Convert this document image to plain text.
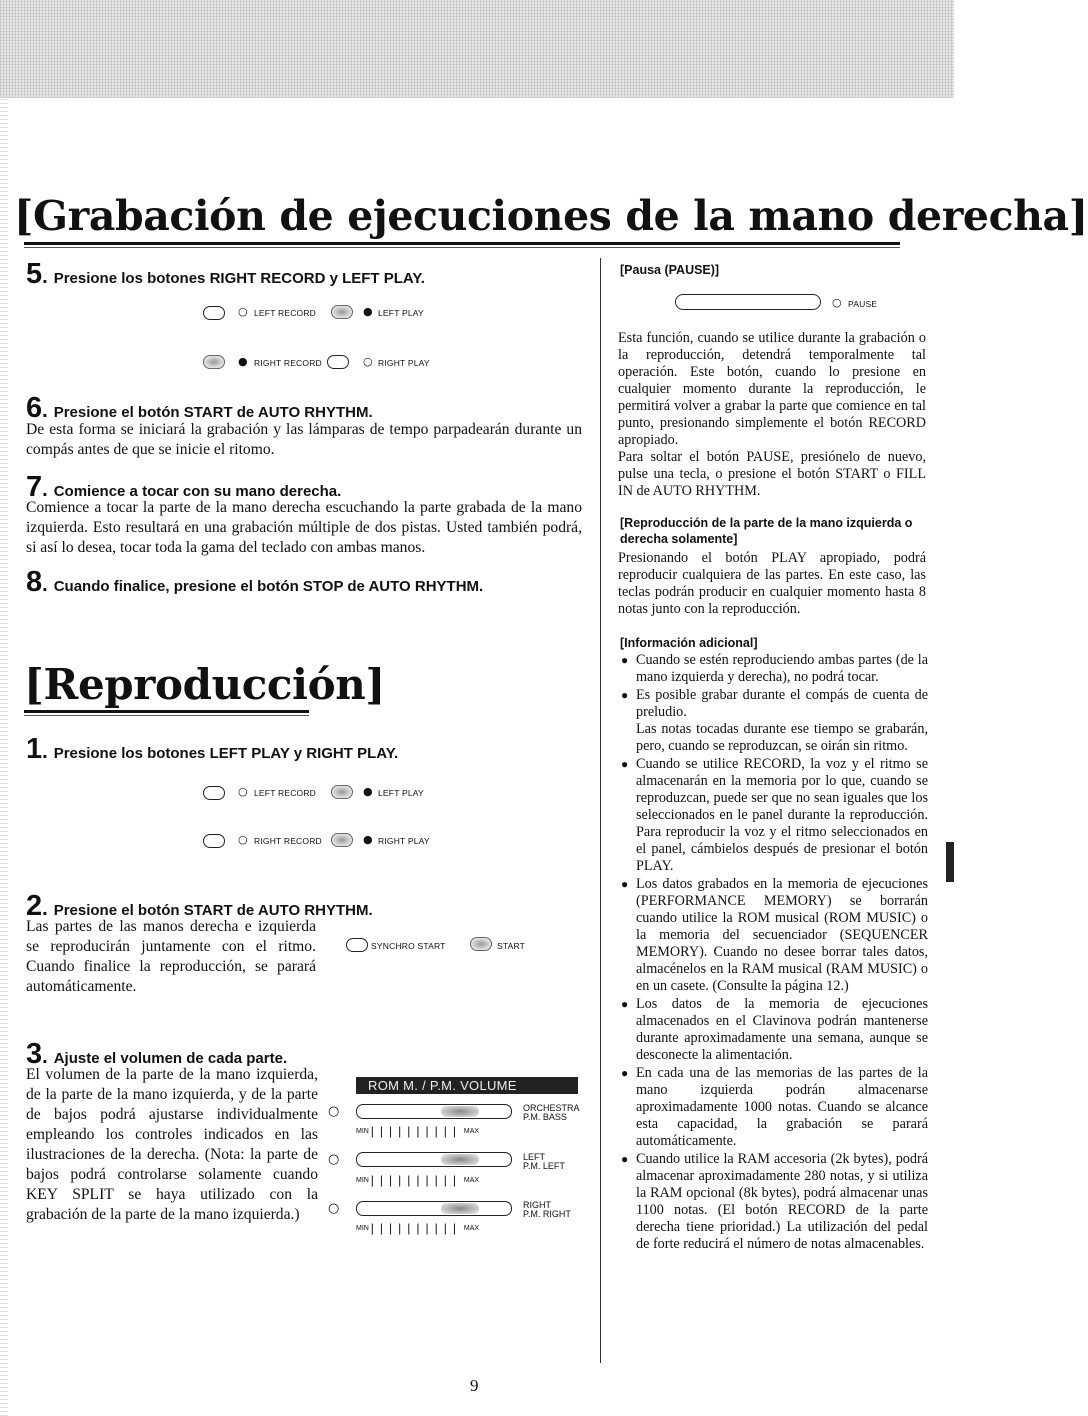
[Grabación de ejecuciones de la mano derecha]
5. Presione los botones RIGHT RECORD y LEFT PLAY.
○ LEFT RECORD	● LEFT PLAY
● RIGHT RECORD	○ RIGHT PLAY
6. Presione el botón START de AUTO RHYTHM.

De esta forma se iniciará la grabación y las lámparas de tempo parpadearán durante un compás antes de que se inicie el ritomo.

7. Comience a tocar con su mano derecha.

Comience a tocar la parte de la mano derecha escuchando la parte grabada de la mano izquierda. Esto resultará en una grabación múltiple de dos pistas. Usted también podrá, si así lo desea, tocar toda la gama del teclado con ambas manos.

8. Cuando finalice, presione el botón STOP de AUTO RHYTHM.
[Reproducción]
1. Presione los botones LEFT PLAY y RIGHT PLAY.
○ LEFT RECORD	● LEFT PLAY
○ RIGHT RECORD	● RIGHT PLAY
2. Presione el botón START de AUTO RHYTHM.

Las partes de las manos derecha e izquierda se reproducirán juntamente con el ritmo. Cuando finalice la reproducción, se parará automáticamente.

SYNCHRO START	START
3. Ajuste el volumen de cada parte.

El volumen de la parte de la mano izquierda, de la parte de la mano izquierda, y de la parte de bajos podrá ajustarse individualmente empleando los controles indicados en las ilustraciones de la derecha. (Nota: la parte de bajos podrá controlarse solamente cuando KEY SPLIT se haya utilizado con la grabación de la parte de la mano izquierda.)

ROM M. / P.M. VOLUME
○	ORCHESTRA
P.M. BASS
MIN |||||||||| MAX
○	LEFT
P.M. LEFT
MIN |||||||||| MAX
○	RIGHT
P.M. RIGHT
MIN |||||||||| MAX
[Pausa (PAUSE)]
○ PAUSE

Esta función, cuando se utilice durante la grabación o la reproducción, detendrá temporalmente tal operación. Este botón, cuando lo presione en cualquier momento durante la reproducción, le permitirá volver a grabar la parte que comience en tal punto, presionando simplemente el botón RECORD apropiado.

Para soltar el botón PAUSE, presiónelo de nuevo, pulse una tecla, o presione el botón START o FILL IN de AUTO RHYTHM.

[Reproducción de la parte de la mano izquierda o derecha solamente]

Presionando el botón PLAY apropiado, podrá reproducir cualquiera de las partes. En este caso, las teclas podrán producir en cualquier momento hasta 8 notas junto con la reproducción.

[Información adicional]
● Cuando se estén reproduciendo ambas partes (de la mano izquierda y derecha), no podrá tocar.
● Es posible grabar durante el compás de cuenta de preludio.
Las notas tocadas durante ese tiempo se grabarán, pero, cuando se reproduzcan, se oirán sin ritmo.
● Cuando se utilice RECORD, la voz y el ritmo se almacenarán en la memoria por lo que, cuando se reproduzcan, puede ser que no sean iguales que los seleccionados en le panel durante la reproducción. Para reproducir la voz y el ritmo seleccionados en el panel, cámbielos después de presionar el botón PLAY.
● Los datos grabados en la memoria de ejecuciones (PERFORMANCE MEMORY) se borrarán cuando utilice la ROM musical (ROM MUSIC) o la memoria del secuenciador (SEQUENCER MEMORY). Cuando no desee borrar tales datos, almacénelos en la RAM musical (RAM MUSIC) o en un casete. (Consulte la página 12.)
● Los datos de la memoria de ejecuciones almacenados en el Clavinova podrán mantenerse durante aproximadamente una semana, aunque se desconecte la alimentación.
● En cada una de las memorias de las partes de la mano izquierda podrán almacenarse aproximadamente 1000 notas. Cuando se alcance esta capacidad, la grabación se parará automáticamente.
● Cuando utilice la RAM accesoria (2k bytes), podrá almacenar aproximadamente 280 notas, y si utiliza la RAM opcional (8k bytes), podrá almacenar unas 1100 notas. (El botón RECORD de la parte derecha tiene prioridad.) La utilización del pedal de forte reducirá el número de notas almacenables.
9
